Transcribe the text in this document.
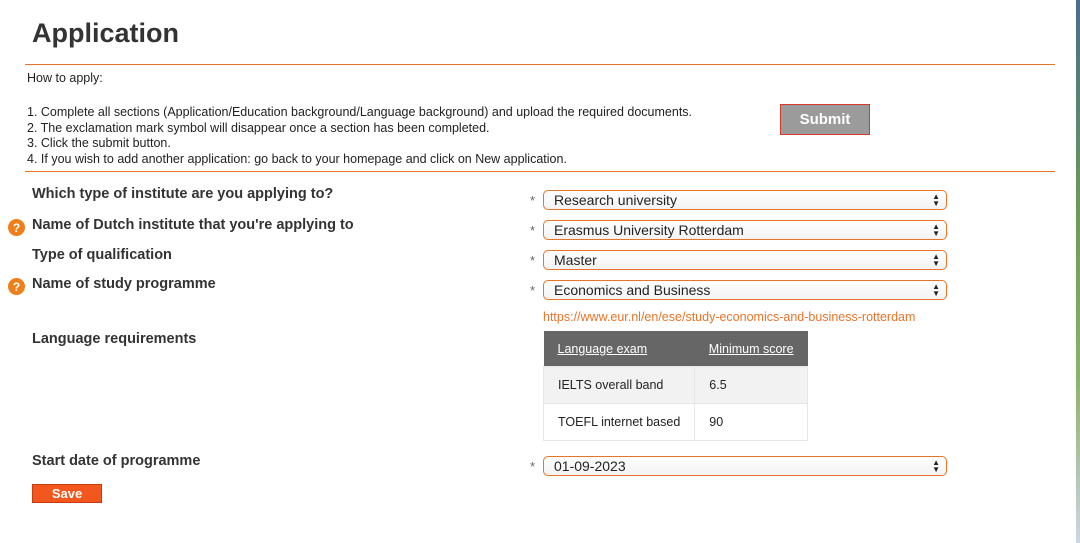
Application
How to apply:
1. Complete all sections (Application/Education background/Language background) and upload the required documents.
2. The exclamation mark symbol will disappear once a section has been completed.
3. Click the submit button.
4. If you wish to add another application: go back to your homepage and click on New application.
Submit
Which type of institute are you applying to?	* Research university	▲
▼
? Name of Dutch institute that you're applying to	* Erasmus University Rotterdam	▲
▼
Type of qualification	* Master	▲
▼
? Name of study programme	* Economics and Business	▲
▼
https://www.eur.nl/en/ese/study-economics-and-business-rotterdam
Language requirements
Language exam	Minimum score
IELTS overall band	6.5
TOEFL internet based	90
Start date of programme	* 01-09-2023	▲
▼
Save
